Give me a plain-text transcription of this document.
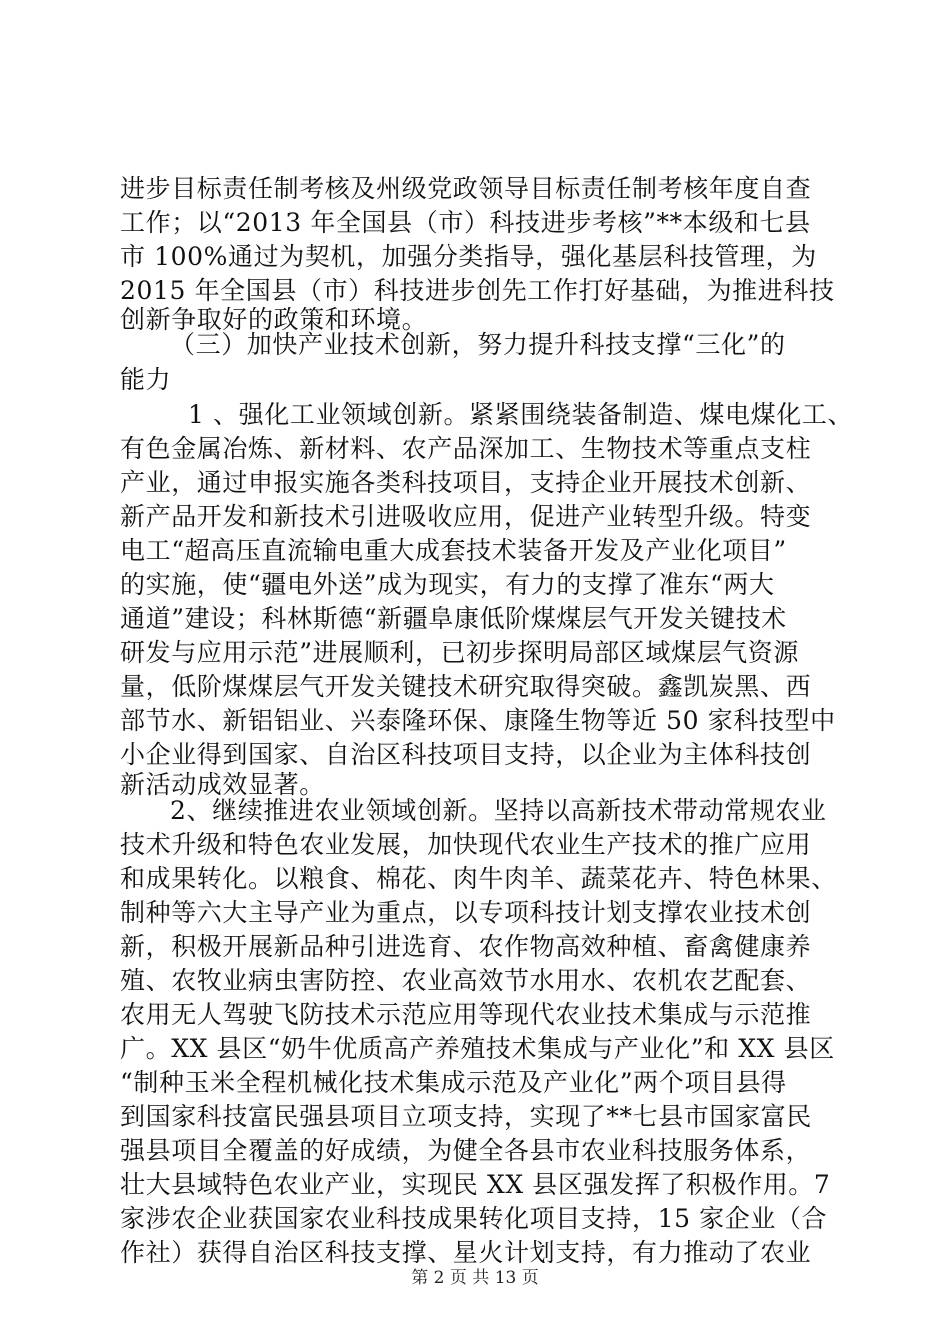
进步目标责任制考核及州级党政领导目标责任制考核年度自查
工作；以“2013 年全国县（市）科技进步考核”**本级和七县
市 100%通过为契机，加强分类指导，强化基层科技管理，为
2015 年全国县（市）科技进步创先工作打好基础，为推进科技
创新争取好的政策和环境。
（三）加快产业技术创新，努力提升科技支撑“三化”的
能力
1 、强化工业领域创新。紧紧围绕装备制造、煤电煤化工、
有色金属冶炼、新材料、农产品深加工、生物技术等重点支柱
产业，通过申报实施各类科技项目，支持企业开展技术创新、
新产品开发和新技术引进吸收应用，促进产业转型升级。特变
电工“超高压直流输电重大成套技术装备开发及产业化项目”
的实施，使“疆电外送”成为现实，有力的支撑了准东“两大
通道”建设；科林斯德“新疆阜康低阶煤煤层气开发关键技术
研发与应用示范”进展顺利，已初步探明局部区域煤层气资源
量，低阶煤煤层气开发关键技术研究取得突破。鑫凯炭黑、西
部节水、新铝铝业、兴泰隆环保、康隆生物等近 50 家科技型中
小企业得到国家、自治区科技项目支持，以企业为主体科技创
新活动成效显著。
2、继续推进农业领域创新。坚持以高新技术带动常规农业
技术升级和特色农业发展，加快现代农业生产技术的推广应用
和成果转化。以粮食、棉花、肉牛肉羊、蔬菜花卉、特色林果、
制种等六大主导产业为重点，以专项科技计划支撑农业技术创
新，积极开展新品种引进选育、农作物高效种植、畜禽健康养
殖、农牧业病虫害防控、农业高效节水用水、农机农艺配套、
农用无人驾驶飞防技术示范应用等现代农业技术集成与示范推
广。XX 县区“奶牛优质高产养殖技术集成与产业化”和 XX 县区
“制种玉米全程机械化技术集成示范及产业化”两个项目县得
到国家科技富民强县项目立项支持，实现了**七县市国家富民
强县项目全覆盖的好成绩，为健全各县市农业科技服务体系，
壮大县域特色农业产业，实现民 XX 县区强发挥了积极作用。7
家涉农企业获国家农业科技成果转化项目支持，15 家企业（合
作社）获得自治区科技支撑、星火计划支持，有力推动了农业
第 2 页 共 13 页
